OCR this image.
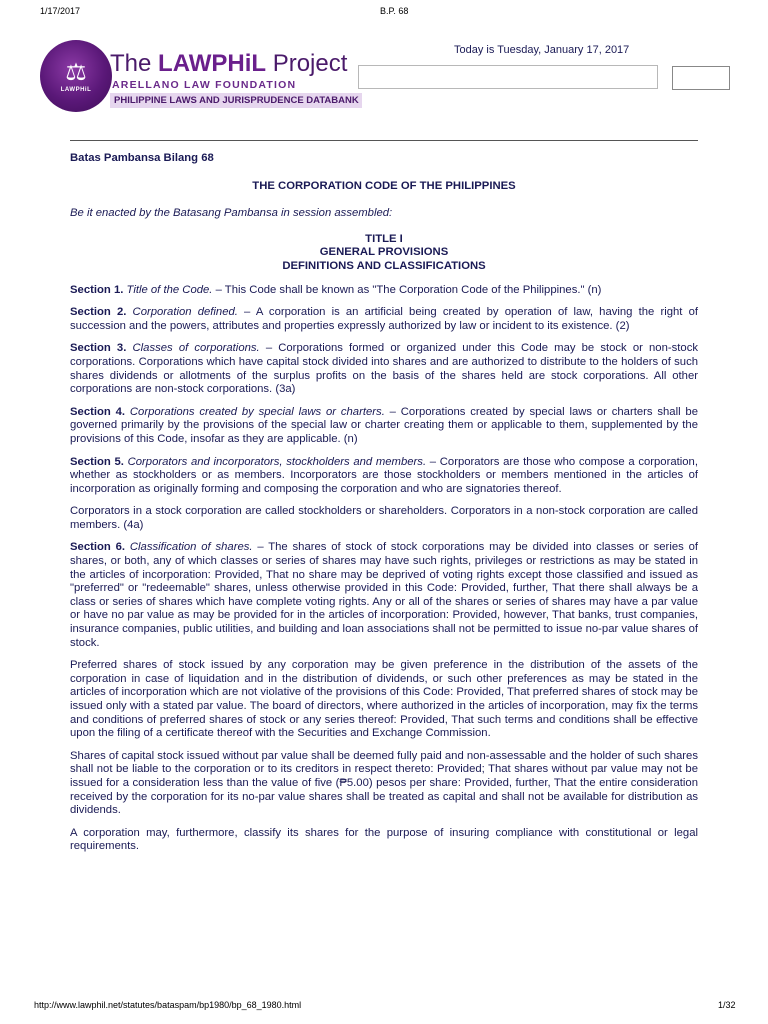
1/17/2017	B.P. 68
⚖
LAWPHiL
The LAWPHiL Project
ARELLANO LAW FOUNDATION
PHILIPPINE LAWS AND JURISPRUDENCE DATABANK
Today is Tuesday, January 17, 2017

Batas Pambansa Bilang 68

THE CORPORATION CODE OF THE PHILIPPINES

Be it enacted by the Batasang Pambansa in session assembled:

TITLE I
GENERAL PROVISIONS
DEFINITIONS AND CLASSIFICATIONS

Section 1. Title of the Code. – This Code shall be known as "The Corporation Code of the Philippines." (n)

Section 2. Corporation defined. – A corporation is an artificial being created by operation of law, having the right of succession and the powers, attributes and properties expressly authorized by law or incident to its existence. (2)

Section 3. Classes of corporations. – Corporations formed or organized under this Code may be stock or non-stock corporations. Corporations which have capital stock divided into shares and are authorized to distribute to the holders of such shares dividends or allotments of the surplus profits on the basis of the shares held are stock corporations. All other corporations are non-stock corporations. (3a)

Section 4. Corporations created by special laws or charters. – Corporations created by special laws or charters shall be governed primarily by the provisions of the special law or charter creating them or applicable to them, supplemented by the provisions of this Code, insofar as they are applicable. (n)

Section 5. Corporators and incorporators, stockholders and members. – Corporators are those who compose a corporation, whether as stockholders or as members. Incorporators are those stockholders or members mentioned in the articles of incorporation as originally forming and composing the corporation and who are signatories thereof.

Corporators in a stock corporation are called stockholders or shareholders. Corporators in a non-stock corporation are called members. (4a)

Section 6. Classification of shares. – The shares of stock of stock corporations may be divided into classes or series of shares, or both, any of which classes or series of shares may have such rights, privileges or restrictions as may be stated in the articles of incorporation: Provided, That no share may be deprived of voting rights except those classified and issued as "preferred" or "redeemable" shares, unless otherwise provided in this Code: Provided, further, That there shall always be a class or series of shares which have complete voting rights. Any or all of the shares or series of shares may have a par value or have no par value as may be provided for in the articles of incorporation: Provided, however, That banks, trust companies, insurance companies, public utilities, and building and loan associations shall not be permitted to issue no-par value shares of stock.

Preferred shares of stock issued by any corporation may be given preference in the distribution of the assets of the corporation in case of liquidation and in the distribution of dividends, or such other preferences as may be stated in the articles of incorporation which are not violative of the provisions of this Code: Provided, That preferred shares of stock may be issued only with a stated par value. The board of directors, where authorized in the articles of incorporation, may fix the terms and conditions of preferred shares of stock or any series thereof: Provided, That such terms and conditions shall be effective upon the filing of a certificate thereof with the Securities and Exchange Commission.

Shares of capital stock issued without par value shall be deemed fully paid and non-assessable and the holder of such shares shall not be liable to the corporation or to its creditors in respect thereto: Provided; That shares without par value may not be issued for a consideration less than the value of five (₱5.00) pesos per share: Provided, further, That the entire consideration received by the corporation for its no-par value shares shall be treated as capital and shall not be available for distribution as dividends.

A corporation may, furthermore, classify its shares for the purpose of insuring compliance with constitutional or legal requirements.

http://www.lawphil.net/statutes/bataspam/bp1980/bp_68_1980.html	1/32
